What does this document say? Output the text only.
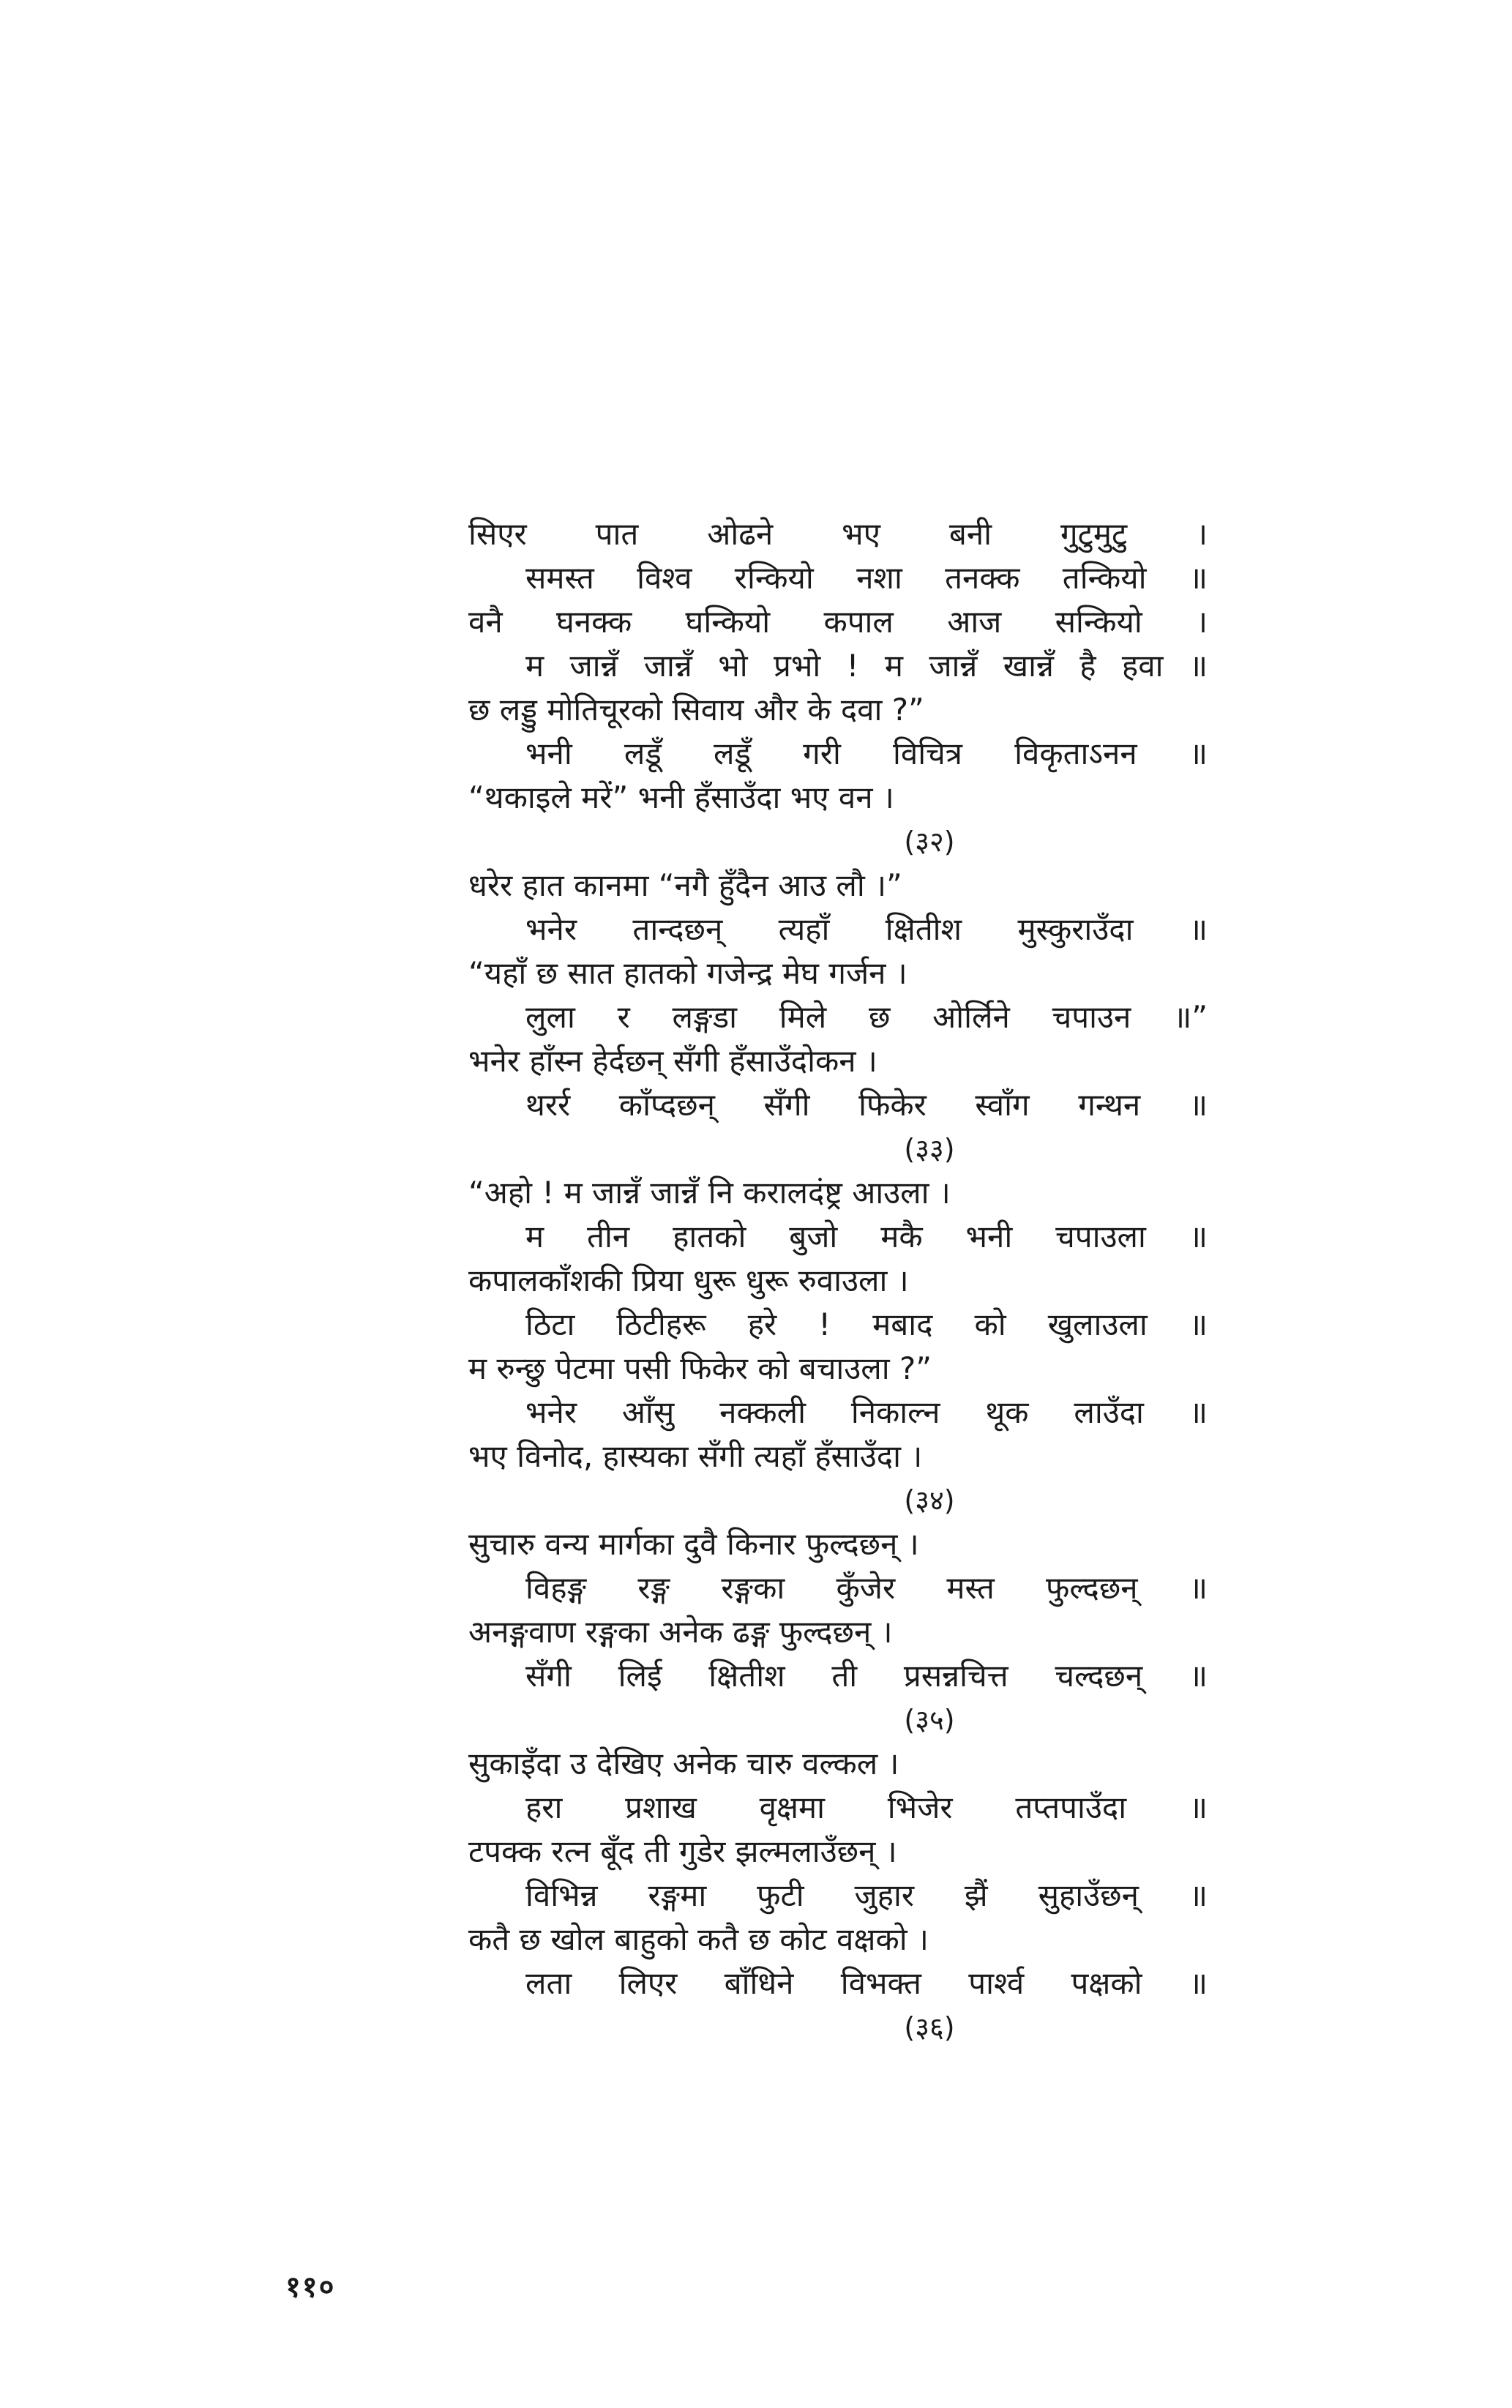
सिएर पात ओढने भए बनी गुटुमुटु ।
समस्त विश्व रन्कियो नशा तनक्क तन्कियो ॥
वनै घनक्क घन्कियो कपाल आज सन्कियो ।
म जान्नँ जान्नँ भो प्रभो ! म जान्नँ खान्नँ है हवा ॥
छ लड्डु मोतिचूरको सिवाय और के दवा ?”
भनी लडूँ लडूँ गरी विचित्र विकृताऽनन ॥
“थकाइले मरें” भनी हँसाउँदा भए वन ।
(३२)
धरेर हात कानमा “नगै हुँदैन आउ लौ ।”
भनेर तान्दछन् त्यहाँ क्षितीश मुस्कुराउँदा ॥
“यहाँ छ सात हातको गजेन्द्र मेघ गर्जन ।
लुला र लङ्गडा मिले छ ओर्लिने चपाउन ॥”
भनेर हाँस्न हेर्दछन् सँगी हँसाउँदोकन ।
थरर्र काँप्दछन् सँगी फिकेर स्वाँग गन्थन ॥
(३३)
“अहो ! म जान्नँ जान्नँ नि करालदंष्ट्र आउला ।
म तीन हातको बुजो मकै भनी चपाउला ॥
कपालकाँशकी प्रिया धुरू धुरू रुवाउला ।
ठिटा ठिटीहरू हरे ! मबाद को खुलाउला ॥
म रुन्छु पेटमा पसी फिकेर को बचाउला ?”
भनेर आँसु नक्कली निकाल्न थूक लाउँदा ॥
भए विनोद, हास्यका सँगी त्यहाँ हँसाउँदा ।
(३४)
सुचारु वन्य मार्गका दुवै किनार फुल्दछन् ।
विहङ्ग रङ्ग रङ्गका कुँजेर मस्त फुल्दछन् ॥
अनङ्गवाण रङ्गका अनेक ढङ्ग फुल्दछन् ।
सँगी लिई क्षितीश ती प्रसन्नचित्त चल्दछन् ॥
(३५)
सुकाइँदा उ देखिए अनेक चारु वल्कल ।
हरा प्रशाख वृक्षमा भिजेर तप्तपाउँदा ॥
टपक्क रत्न बूँद ती गुडेर झल्मलाउँछन् ।
विभिन्न रङ्गमा फुटी जुहार झैं सुहाउँछन् ॥
कतै छ खोल बाहुको कतै छ कोट वक्षको ।
लता लिएर बाँधिने विभक्त पार्श्व पक्षको ॥
(३६)
११०
